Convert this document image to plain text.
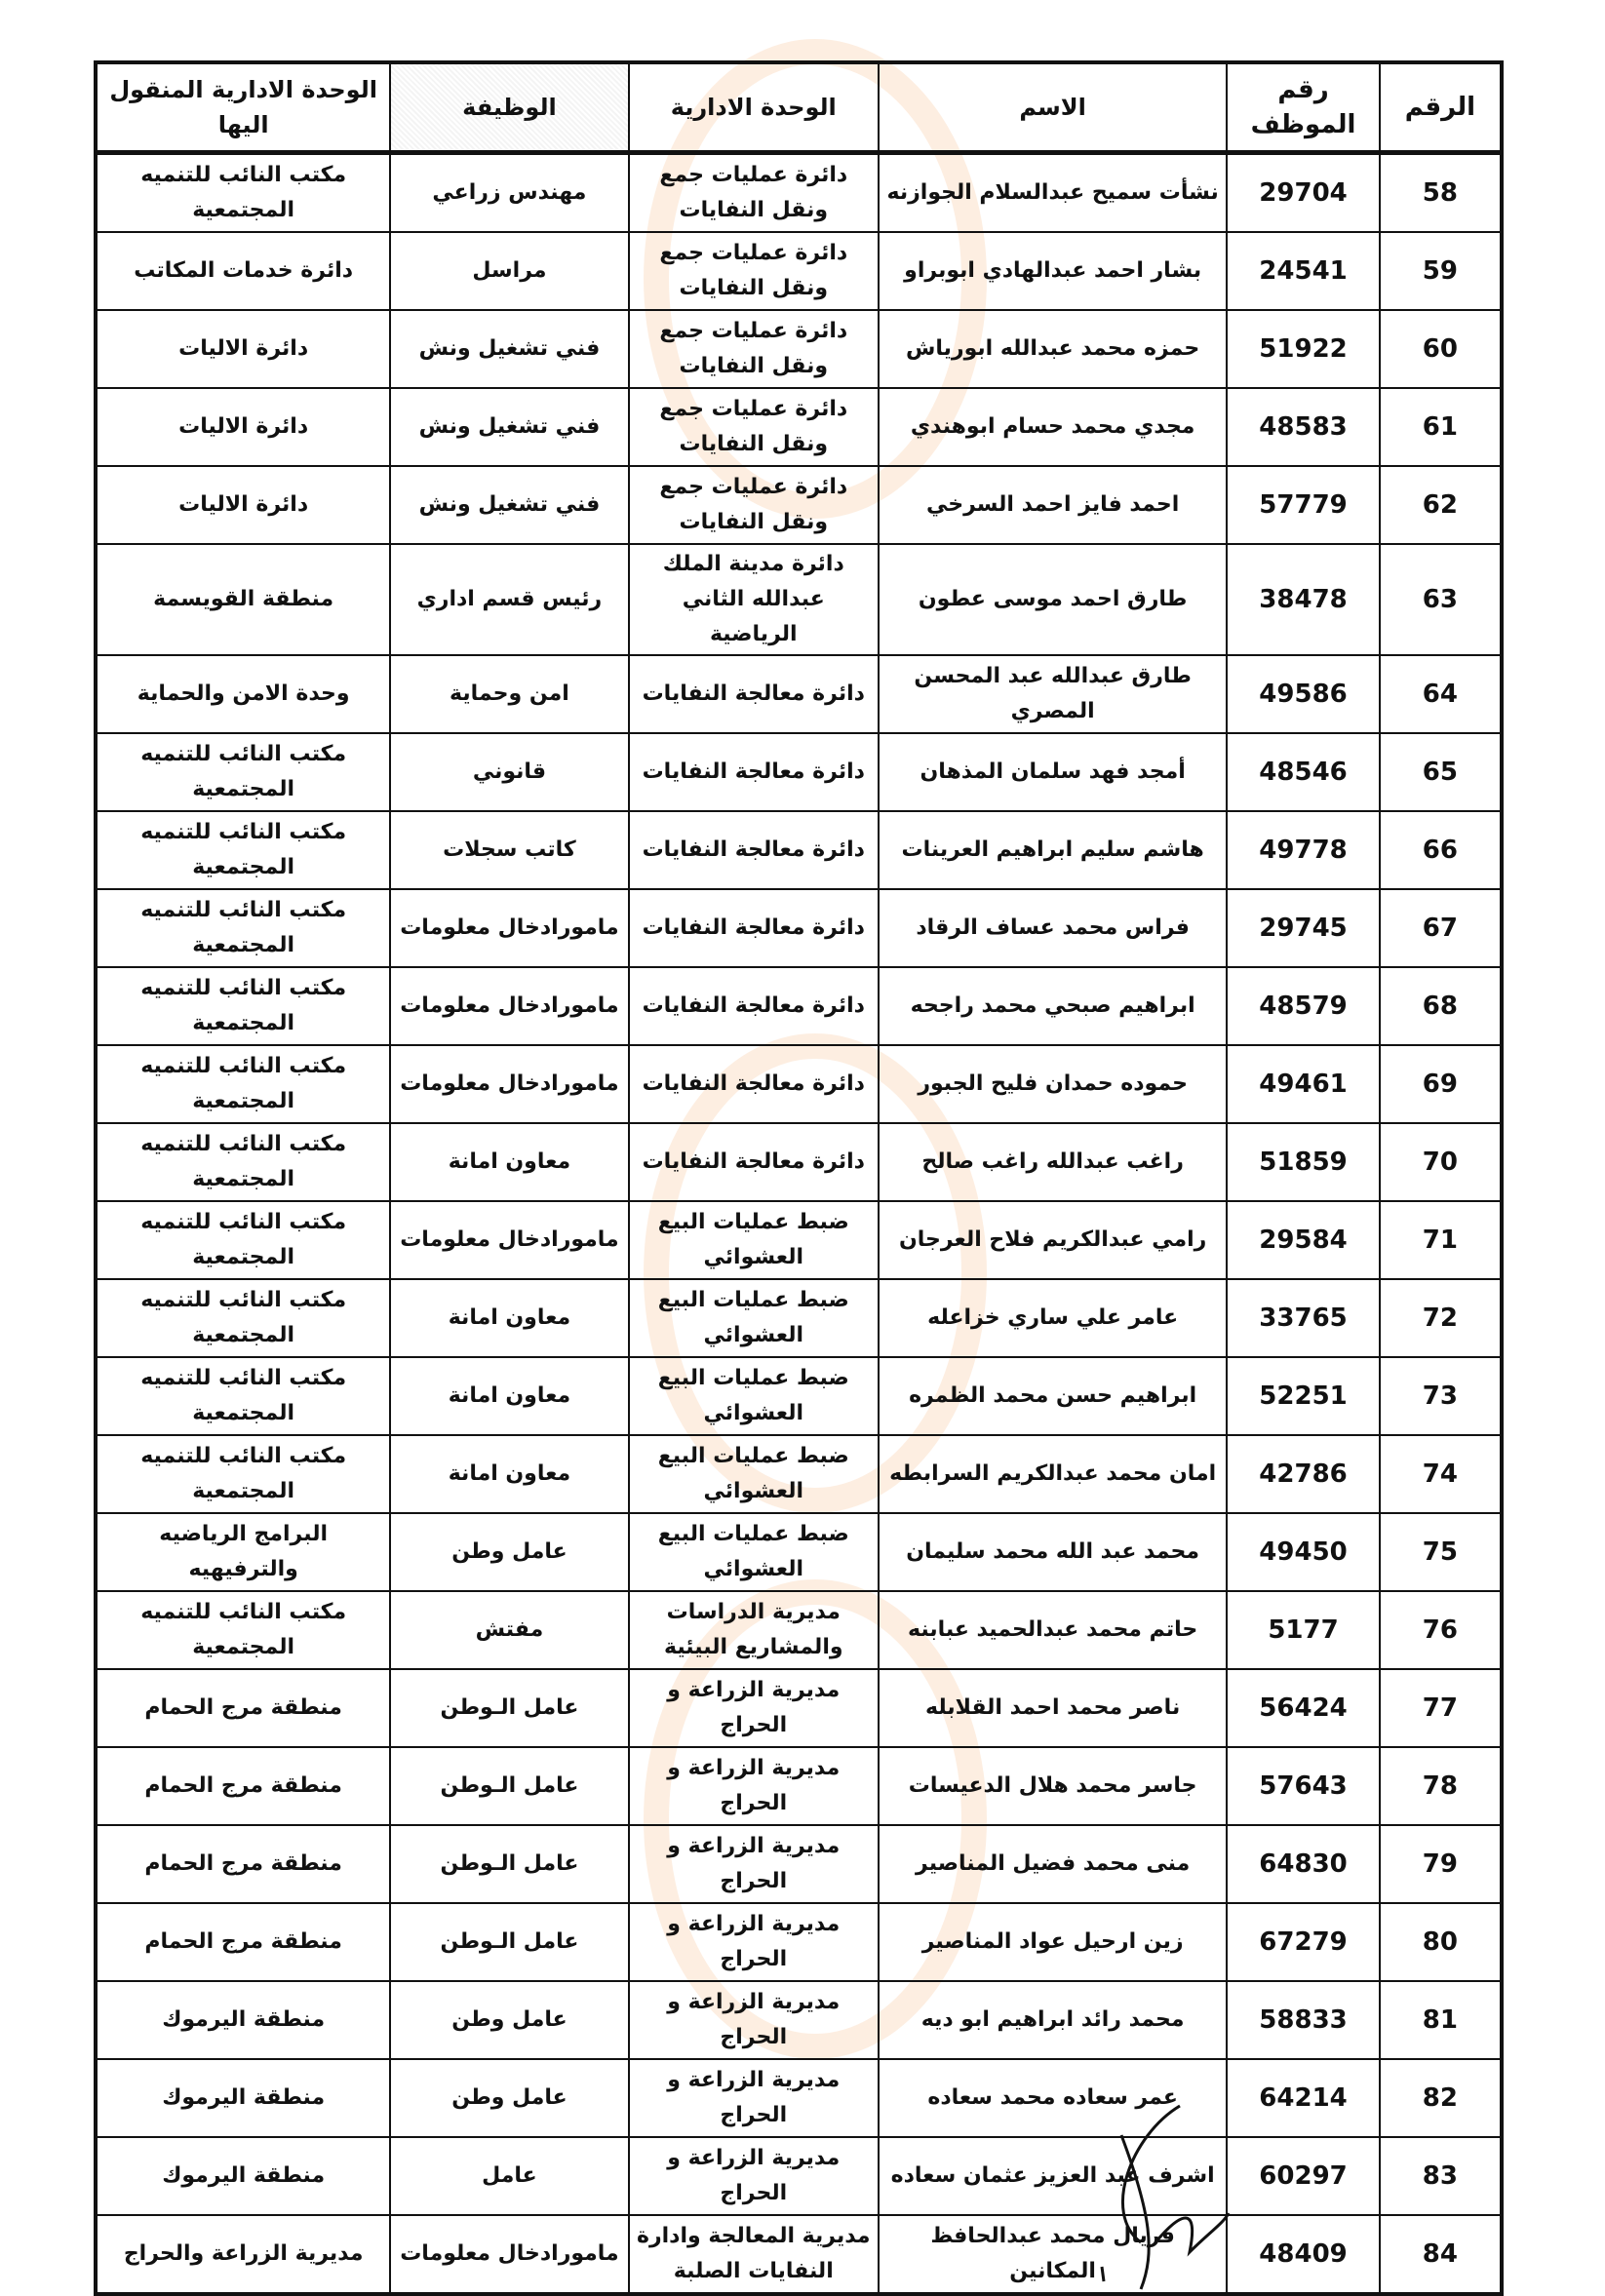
الرقم	رقم الموظف	الاسم	الوحدة الادارية	الوظيفة	الوحدة الادارية المنقول اليها
58	29704	نشأت سميح عبدالسلام الجوازنه	دائرة عمليات جمع ونقل النفايات	مهندس زراعي	مكتب النائب للتنميه المجتمعية
59	24541	بشار احمد عبدالهادي ابوبراو	دائرة عمليات جمع ونقل النفايات	مراسل	دائرة خدمات المكاتب
60	51922	حمزه محمد عبدالله ابورياش	دائرة عمليات جمع ونقل النفايات	فني تشغيل ونش	دائرة الاليات
61	48583	مجدي محمد حسام ابوهندي	دائرة عمليات جمع ونقل النفايات	فني تشغيل ونش	دائرة الاليات
62	57779	احمد فايز احمد السرخي	دائرة عمليات جمع ونقل النفايات	فني تشغيل ونش	دائرة الاليات
63	38478	طارق احمد موسى عطون	دائرة مدينة الملك عبدالله الثاني الرياضية	رئيس قسم اداري	منطقة القويسمة
64	49586	طارق عبدالله عبد المحسن المصري	دائرة معالجة النفايات	امن وحماية	وحدة الامن والحماية
65	48546	أمجد فهد سلمان المذهان	دائرة معالجة النفايات	قانوني	مكتب النائب للتنميه المجتمعية
66	49778	هاشم سليم ابراهيم العرينات	دائرة معالجة النفايات	كاتب سجلات	مكتب النائب للتنميه المجتمعية
67	29745	فراس محمد عساف الرقاد	دائرة معالجة النفايات	مامورادخال معلومات	مكتب النائب للتنميه المجتمعية
68	48579	ابراهيم صبحي محمد راجحه	دائرة معالجة النفايات	مامورادخال معلومات	مكتب النائب للتنميه المجتمعية
69	49461	حموده حمدان فليح الجبور	دائرة معالجة النفايات	مامورادخال معلومات	مكتب النائب للتنميه المجتمعية
70	51859	راغب عبدالله راغب صالح	دائرة معالجة النفايات	معاون امانة	مكتب النائب للتنميه المجتمعية
71	29584	رامي عبدالكريم فلاح العرجان	ضبط عمليات البيع العشوائي	مامورادخال معلومات	مكتب النائب للتنميه المجتمعية
72	33765	عامر علي ساري خزاعله	ضبط عمليات البيع العشوائي	معاون امانة	مكتب النائب للتنميه المجتمعية
73	52251	ابراهيم حسن محمد الظمره	ضبط عمليات البيع العشوائي	معاون امانة	مكتب النائب للتنميه المجتمعية
74	42786	امان محمد عبدالكريم السرابطه	ضبط عمليات البيع العشوائي	معاون امانة	مكتب النائب للتنميه المجتمعية
75	49450	محمد عبد الله محمد سليمان	ضبط عمليات البيع العشوائي	عامل وطن	البرامج الرياضيه والترفيهيه
76	5177	حاتم محمد عبدالحميد عبابنه	مديرية الدراسات والمشاريع البيئية	مفتش	مكتب النائب للتنميه المجتمعية
77	56424	ناصر محمد احمد القلابله	مديرية الزراعة و الحراج	عامل الـوطن	منطقة مرج الحمام
78	57643	جاسر محمد هلال الدعيسات	مديرية الزراعة و الحراج	عامل الـوطن	منطقة مرج الحمام
79	64830	منى محمد فضيل المناصير	مديرية الزراعة و الحراج	عامل الـوطن	منطقة مرج الحمام
80	67279	زين ارحيل عواد المناصير	مديرية الزراعة و الحراج	عامل الـوطن	منطقة مرج الحمام
81	58833	محمد رائد ابراهيم ابو ديه	مديرية الزراعة و الحراج	عامل وطن	منطقة اليرموك
82	64214	عمر سعاده محمد سعاده	مديرية الزراعة و الحراج	عامل وطن	منطقة اليرموك
83	60297	اشرف عبد العزيز عثمان سعاده	مديرية الزراعة و الحراج	عامل	منطقة اليرموك
84	48409	فريال محمد عبدالحافظ المكانين	مديرية المعالجة وادارة النفايات الصلبة	مامورادخال معلومات	مديرية الزراعة والحراج
